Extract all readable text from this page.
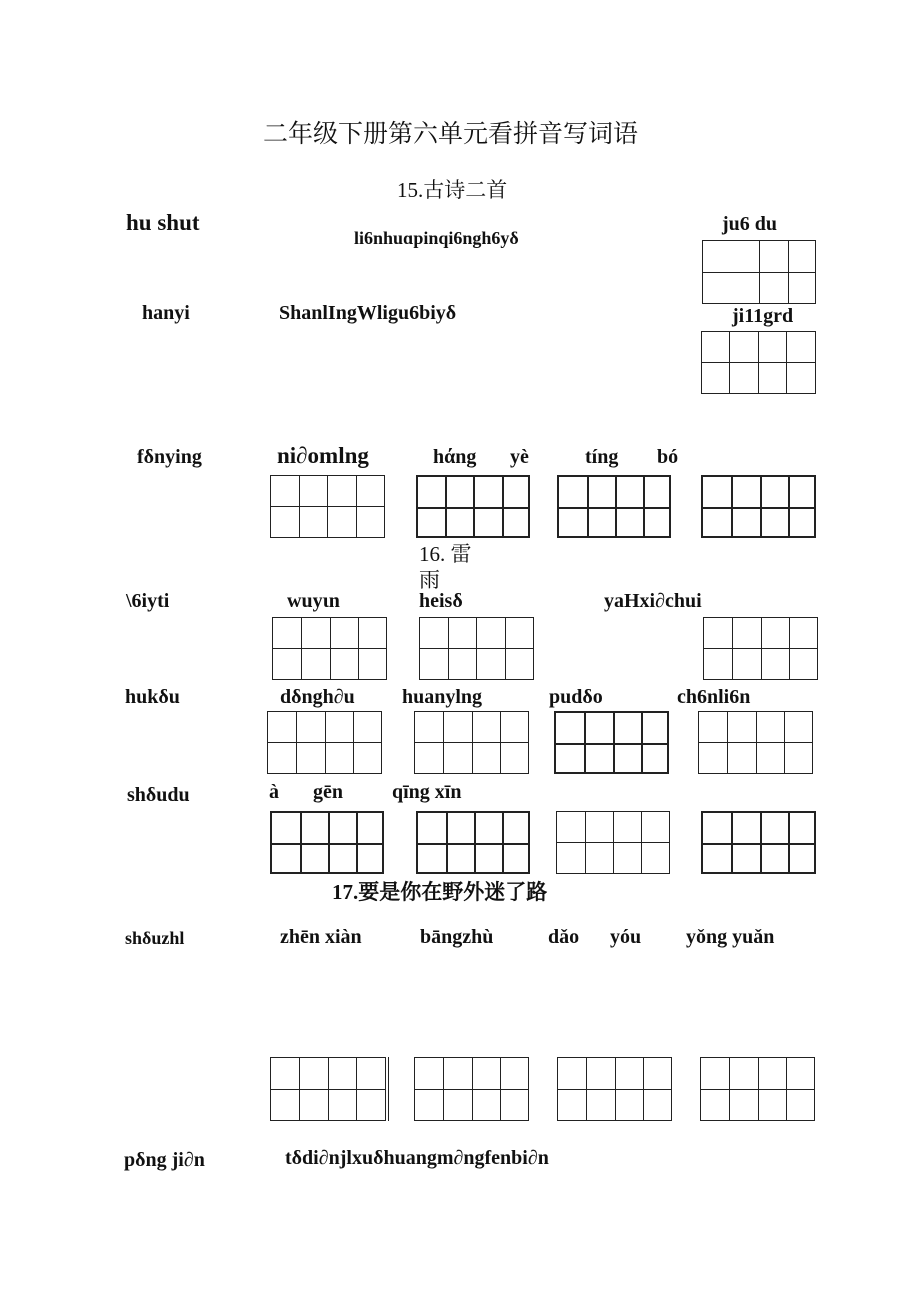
二年级下册第六单元看拼音写词语
15.古诗二首
hu shut
li6nhuɑpinqi6ngh6yδ
ju6 du
hanyi	ShanlIngWligu6biyδ	ji11grd
fδnying	ni∂omlng	hάng yè	tíng bó
16. 雷雨
\6iyti	wuyιn	heisδ	yaHxi∂chui
hukδu	dδngh∂u huanylng	pudδo	ch6nli6n
shδudu	à gēn qīng xīn
17.要是你在野外迷了路
shδuzhl	zhēn xiàn	bāngzhù	dǎo yóu yǒng yuǎn
pδng ji∂n	tδdi∂njlxuδhuangm∂ngfenbi∂n
